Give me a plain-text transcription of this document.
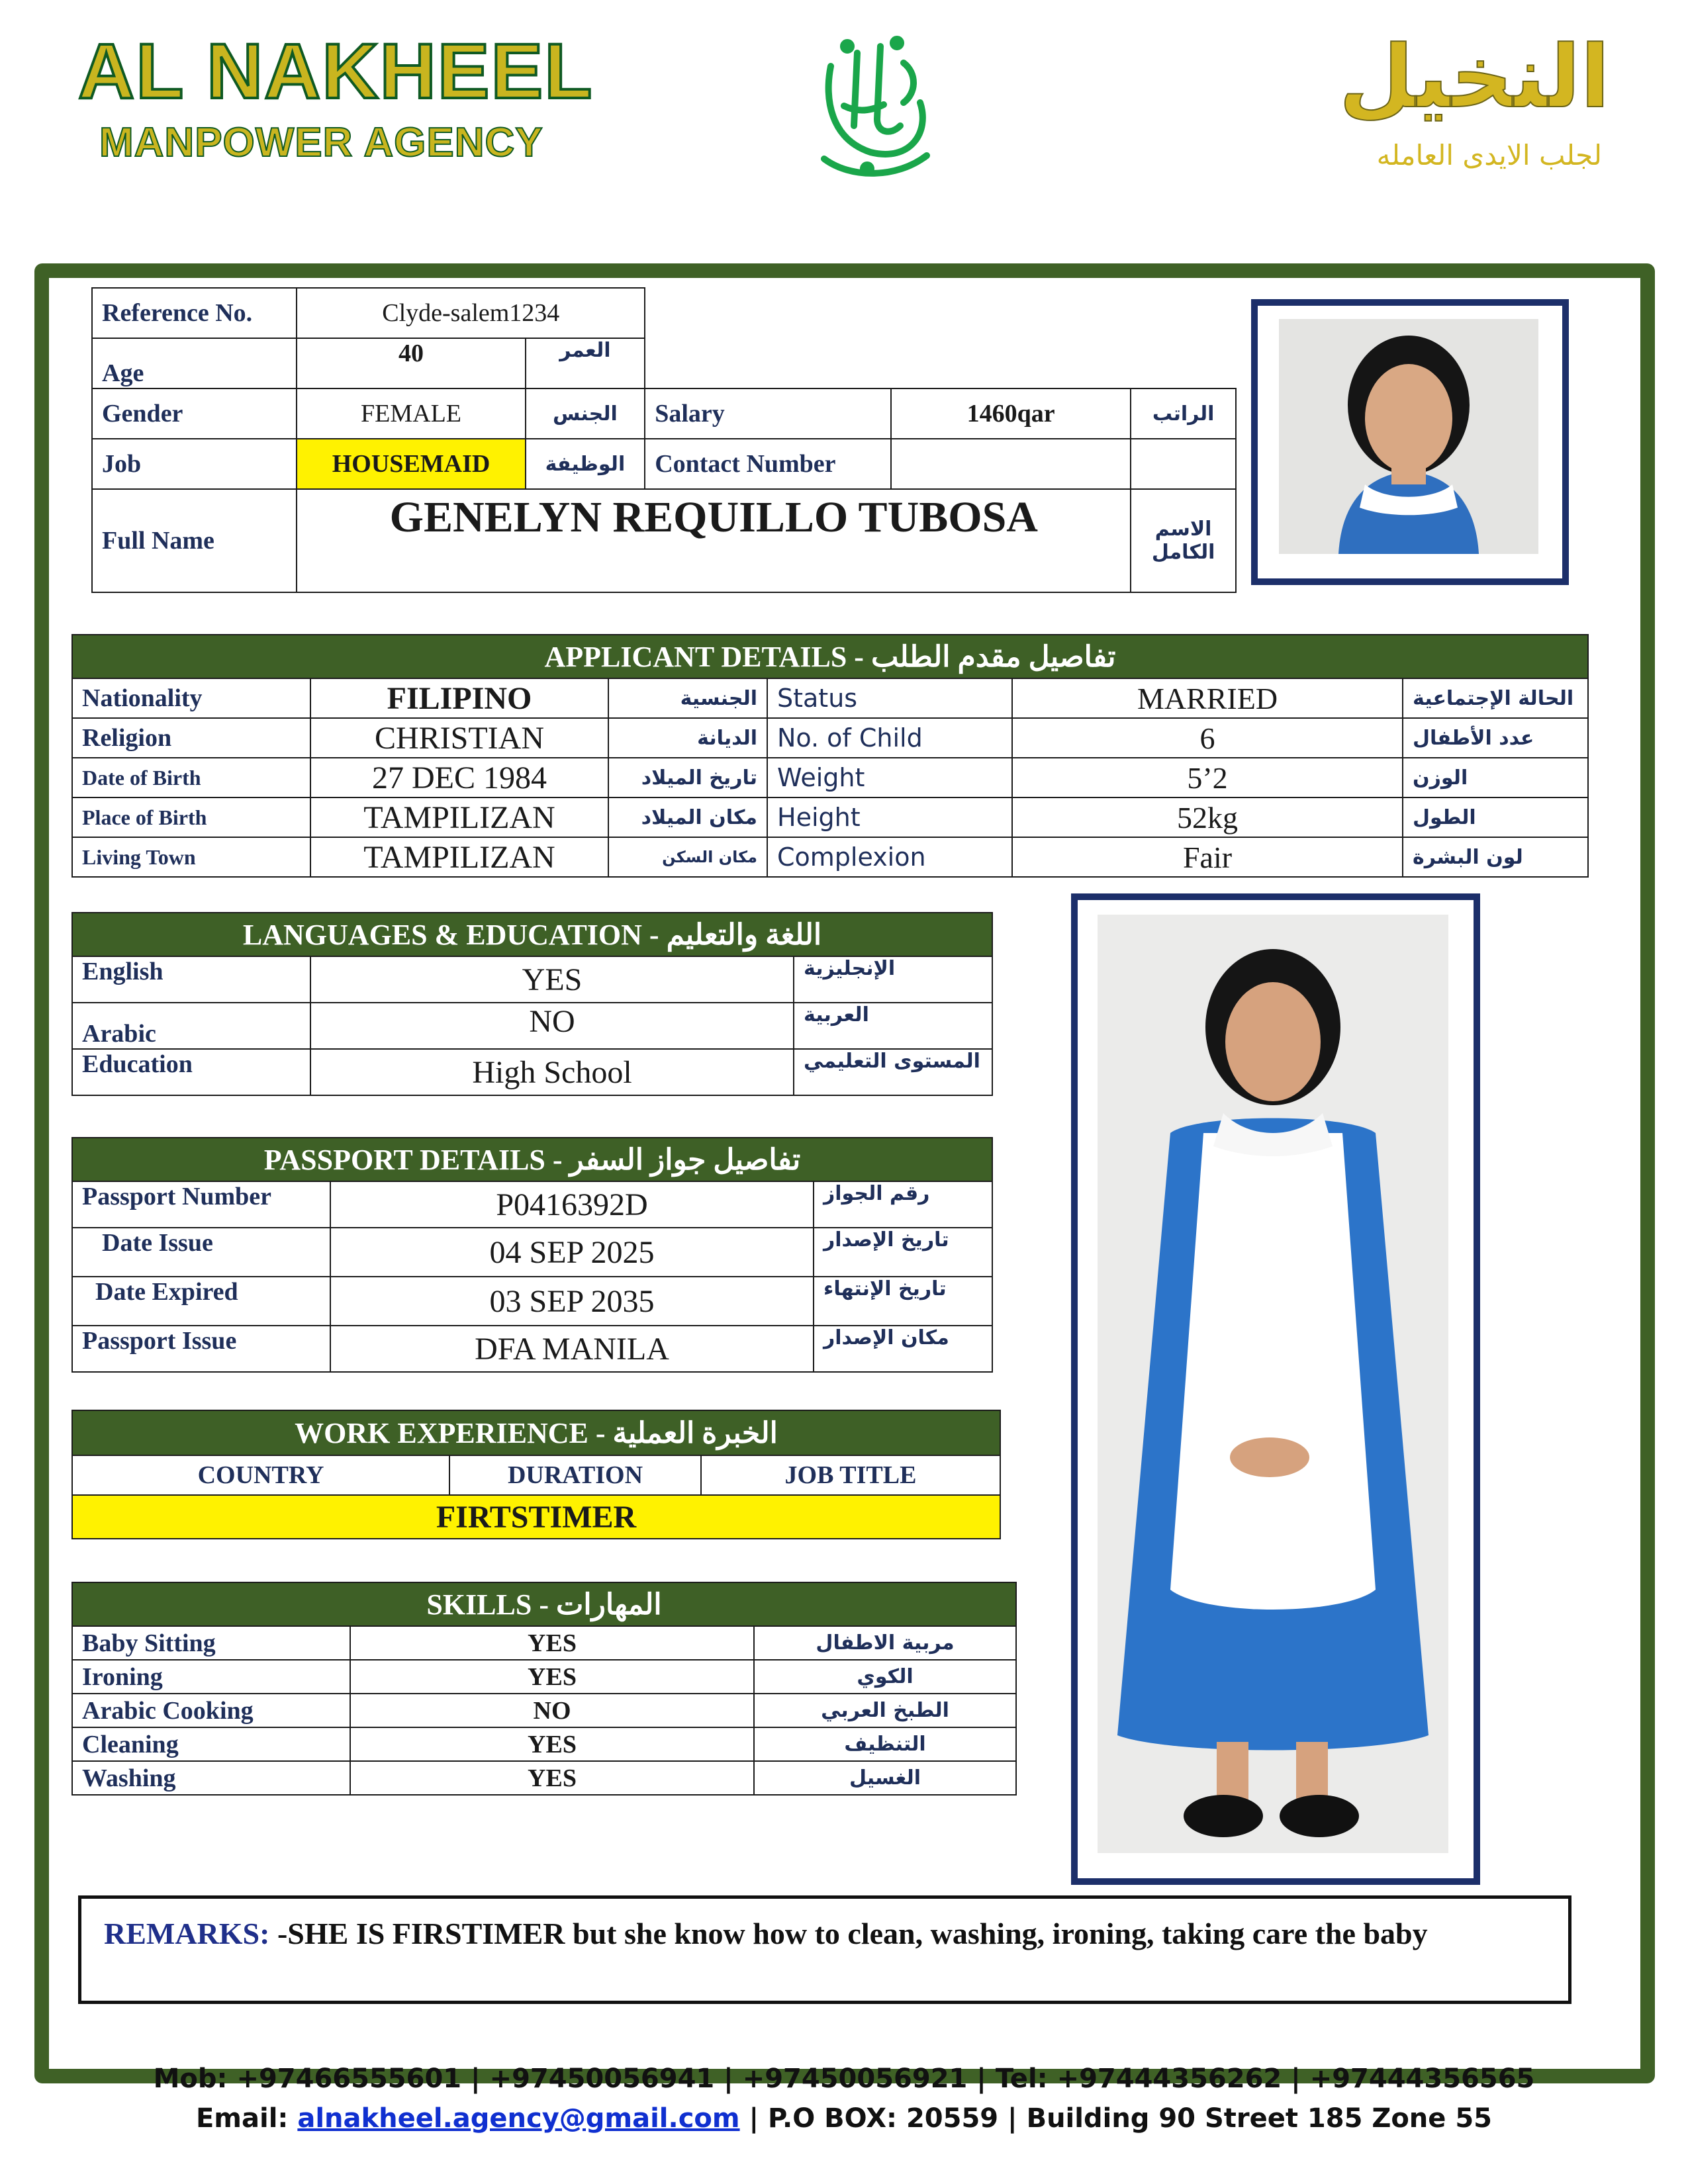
AL NAKHEEL
MANPOWER AGENCY
النخيل
لجلب الايدى العامله
Reference No.	Clyde-salem1234				
Age	40	العمر			
Gender	FEMALE	الجنس	Salary	1460qar	الراتب
Job	HOUSEMAID	الوظيفة	Contact Number		
Full Name	GENELYN REQUILLO TUBOSA				الاسم الكامل
APPLICANT DETAILS - تفاصيل مقدم الطلب					
Nationality	FILIPINO	الجنسية	Status	MARRIED	الحالة الإجتماعية
Religion	CHRISTIAN	الديانة	No. of Child	6	عدد الأطفال
Date of Birth	27 DEC 1984	تاريخ الميلاد	Weight	5’2	الوزن
Place of Birth	TAMPILIZAN	مكان الميلاد	Height	52kg	الطول
Living Town	TAMPILIZAN	مكان السكن	Complexion	Fair	لون البشرة
LANGUAGES & EDUCATION - اللغة والتعليم		
English	YES	الإنجليزية
Arabic	NO	العربية
Education	High School	المستوى التعليمي
PASSPORT DETAILS - تفاصيل جواز السفر		
Passport Number	P0416392D	رقم الجواز
Date Issue	04 SEP 2025	تاريخ الإصدار
Date Expired	03 SEP 2035	تاريخ الإنتهاء
Passport Issue	DFA MANILA	مكان الإصدار
WORK EXPERIENCE - الخبرة العملية
COUNTRY	DURATION	JOB TITLE
FIRTSTIMER
SKILLS - المهارات		
Baby Sitting	YES	مربية الاطفال
Ironing	YES	الكوي
Arabic Cooking	NO	الطبخ العربي
Cleaning	YES	التنظيف
Washing	YES	الغسيل
REMARKS: -SHE IS FIRSTIMER but she know how to clean, washing, ironing, taking care the baby
Mob: +97466555601 | +97450056941 | +97450056921 | Tel: +97444356262 | +97444356565
Email: alnakheel.agency@gmail.com | P.O BOX: 20559 | Building 90 Street 185 Zone 55
